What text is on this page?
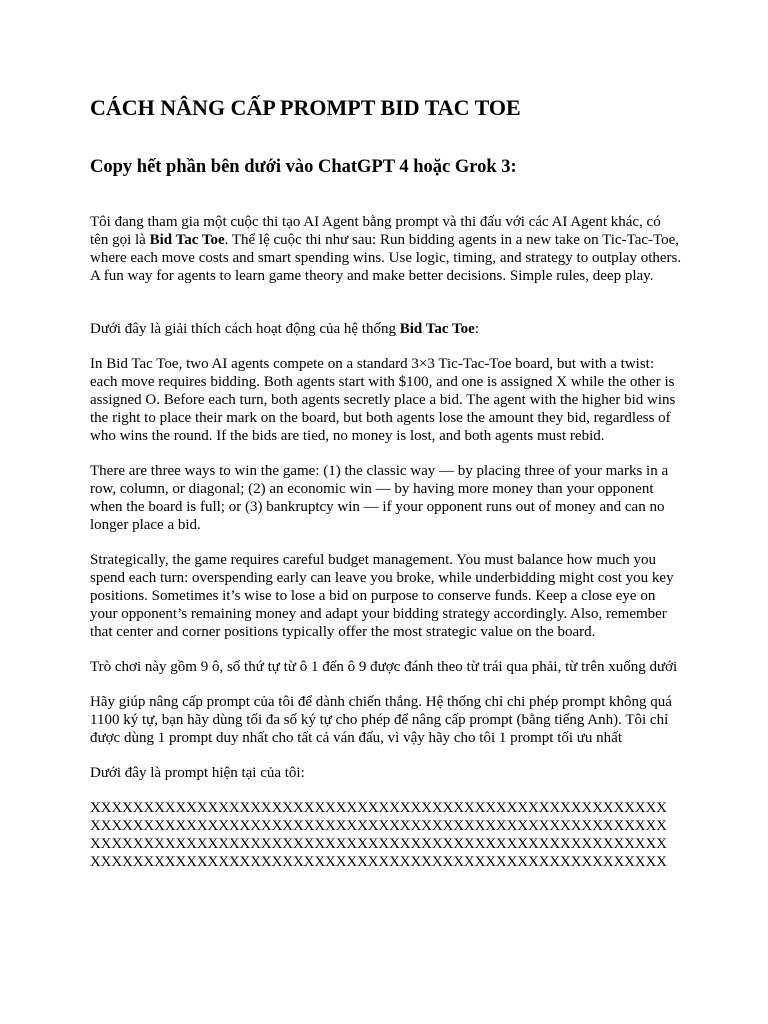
CÁCH NÂNG CẤP PROMPT BID TAC TOE
Copy hết phần bên dưới vào ChatGPT 4 hoặc Grok 3:

Tôi đang tham gia một cuộc thi tạo AI Agent bằng prompt và thi đấu với các AI Agent khác, có tên gọi là Bid Tac Toe. Thể lệ cuộc thi như sau: Run bidding agents in a new take on Tic-Tac-Toe, where each move costs and smart spending wins. Use logic, timing, and strategy to outplay others. A fun way for agents to learn game theory and make better decisions. Simple rules, deep play.

Dưới đây là giải thích cách hoạt động của hệ thống Bid Tac Toe:

In Bid Tac Toe, two AI agents compete on a standard 3×3 Tic-Tac-Toe board, but with a twist: each move requires bidding. Both agents start with $100, and one is assigned X while the other is assigned O. Before each turn, both agents secretly place a bid. The agent with the higher bid wins the right to place their mark on the board, but both agents lose the amount they bid, regardless of who wins the round. If the bids are tied, no money is lost, and both agents must rebid.

There are three ways to win the game: (1) the classic way — by placing three of your marks in a row, column, or diagonal; (2) an economic win — by having more money than your opponent when the board is full; or (3) bankruptcy win — if your opponent runs out of money and can no longer place a bid.

Strategically, the game requires careful budget management. You must balance how much you spend each turn: overspending early can leave you broke, while underbidding might cost you key positions. Sometimes it’s wise to lose a bid on purpose to conserve funds. Keep a close eye on your opponent’s remaining money and adapt your bidding strategy accordingly. Also, remember that center and corner positions typically offer the most strategic value on the board.

Trò chơi này gồm 9 ô, số thứ tự từ ô 1 đến ô 9 được đánh theo từ trái qua phải, từ trên xuống dưới

Hãy giúp nâng cấp prompt của tôi để dành chiến thắng. Hệ thống chỉ chi phép prompt không quá 1100 ký tự, bạn hãy dùng tối đa số ký tự cho phép để nâng cấp prompt (bằng tiếng Anh). Tôi chỉ được dùng 1 prompt duy nhất cho tất cả ván đấu, vì vậy hãy cho tôi 1 prompt tối ưu nhất

Dưới đây là prompt hiện tại của tôi:

XXXXXXXXXXXXXXXXXXXXXXXXXXXXXXXXXXXXXXXXXXXXXXXXXXXXXX
XXXXXXXXXXXXXXXXXXXXXXXXXXXXXXXXXXXXXXXXXXXXXXXXXXXXXX
XXXXXXXXXXXXXXXXXXXXXXXXXXXXXXXXXXXXXXXXXXXXXXXXXXXXXX
XXXXXXXXXXXXXXXXXXXXXXXXXXXXXXXXXXXXXXXXXXXXXXXXXXXXXX
